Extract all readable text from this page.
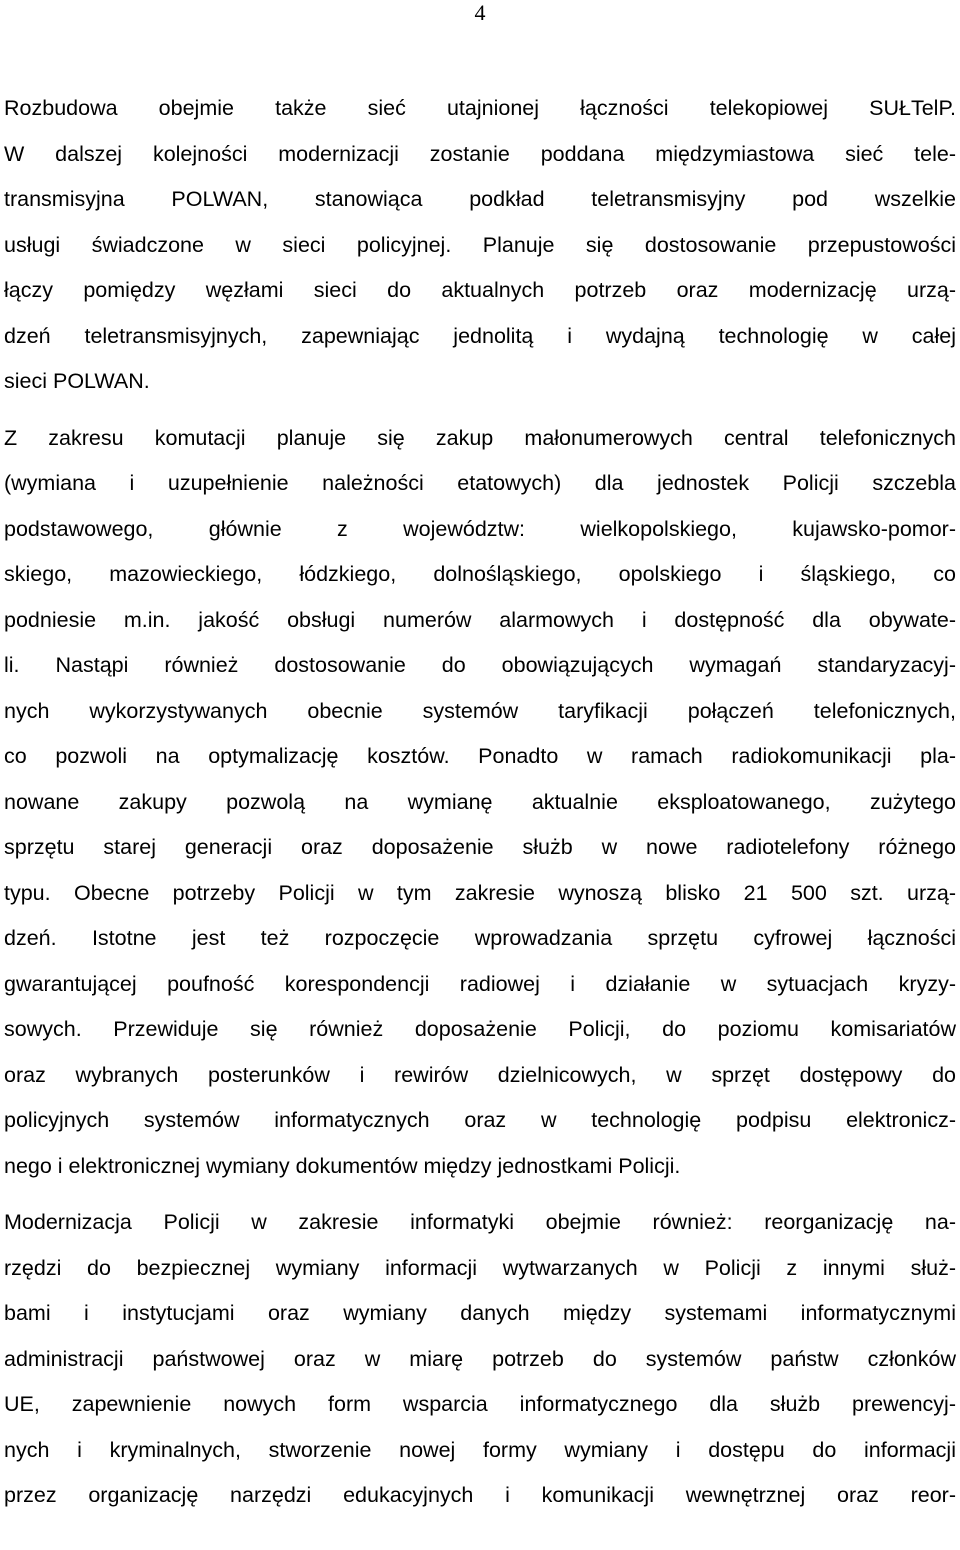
4
Rozbudowa obejmie także sieć utajnionej łączności telekopiowej SUŁTelP.
W dalszej kolejności modernizacji zostanie poddana międzymiastowa sieć tele-
transmisyjna POLWAN, stanowiąca podkład teletransmisyjny pod wszelkie
usługi świadczone w sieci policyjnej. Planuje się dostosowanie przepustowości
łączy pomiędzy węzłami sieci do aktualnych potrzeb oraz modernizację urzą-
dzeń teletransmisyjnych, zapewniając jednolitą i wydajną technologię w całej
sieci POLWAN.
Z zakresu komutacji planuje się zakup małonumerowych central telefonicznych
(wymiana i uzupełnienie należności etatowych) dla jednostek Policji szczebla
podstawowego, głównie z województw: wielkopolskiego, kujawsko-pomor-
skiego, mazowieckiego, łódzkiego, dolnośląskiego, opolskiego i śląskiego, co
podniesie m.in. jakość obsługi numerów alarmowych i dostępność dla obywate-
li. Nastąpi również dostosowanie do obowiązujących wymagań standaryzacyj-
nych wykorzystywanych obecnie systemów taryfikacji połączeń telefonicznych,
co pozwoli na optymalizację kosztów. Ponadto w ramach radiokomunikacji pla-
nowane zakupy pozwolą na wymianę aktualnie eksploatowanego, zużytego
sprzętu starej generacji oraz doposażenie służb w nowe radiotelefony różnego
typu. Obecne potrzeby Policji w tym zakresie wynoszą blisko 21 500 szt. urzą-
dzeń. Istotne jest też rozpoczęcie wprowadzania sprzętu cyfrowej łączności
gwarantującej poufność korespondencji radiowej i działanie w sytuacjach kryzy-
sowych. Przewiduje się również doposażenie Policji, do poziomu komisariatów
oraz wybranych posterunków i rewirów dzielnicowych, w sprzęt dostępowy do
policyjnych systemów informatycznych oraz w technologię podpisu elektronicz-
nego i elektronicznej wymiany dokumentów między jednostkami Policji.
Modernizacja Policji w zakresie informatyki obejmie również: reorganizację na-
rzędzi do bezpiecznej wymiany informacji wytwarzanych w Policji z innymi służ-
bami i instytucjami oraz wymiany danych między systemami informatycznymi
administracji państwowej oraz w miarę potrzeb do systemów państw członków
UE, zapewnienie nowych form wsparcia informatycznego dla służb prewencyj-
nych i kryminalnych, stworzenie nowej formy wymiany i dostępu do informacji
przez organizację narzędzi edukacyjnych i komunikacji wewnętrznej oraz reor-
